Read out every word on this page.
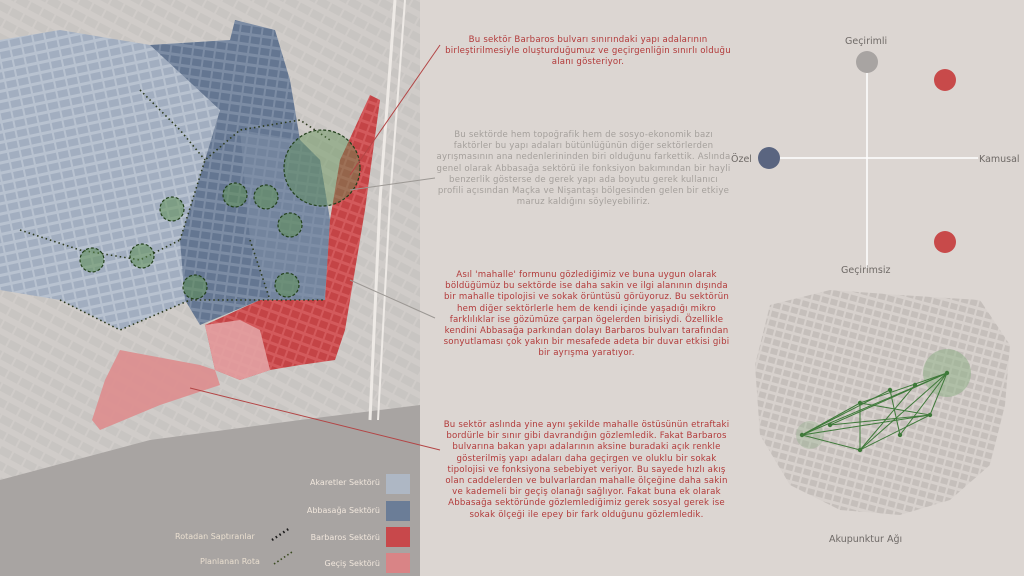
Akaretler Sektörü
Abbasağa Sektörü
Barbaros Sektörü
Geçiş Sektörü
Rotadan Saptıranlar
Planlanan Rota
Bu sektör Barbaros bulvarı sınırındaki yapı adalarının birleştirilmesiyle oluşturduğumuz ve geçirgenliğin sınırlı olduğu alanı gösteriyor.
Bu sektörde hem topoğrafik hem de sosyo-ekonomik bazı faktörler bu yapı adaları bütünlüğünün diğer sektörlerden ayrışmasının ana nedenlerininden biri olduğunu farkettik. Aslında genel olarak Abbasağa sektörü ile fonksiyon bakımından bir hayli benzerlik gösterse de gerek yapı ada boyutu gerek kullanıcı profili açısından Maçka ve Nişantaşı bölgesinden gelen bir etkiye maruz kaldığını söyleyebiliriz.
Asıl 'mahalle' formunu gözlediğimiz ve buna uygun olarak böldüğümüz bu sektörde ise daha sakin ve ilgi alanının dışında bir mahalle tipolojisi ve sokak örüntüsü görüyoruz. Bu sektörün hem diğer sektörlerle hem de kendi içinde yaşadığı mikro farklılıklar ise gözümüze çarpan ögelerden birisiydi. Özellikle kendini Abbasağa parkından dolayı Barbaros bulvarı tarafından sonyutlaması çok yakın bir mesafede adeta bir duvar etkisi gibi bir ayrışma yaratıyor.
Bu sektör aslında yine aynı şekilde mahalle östüsünün etraftaki bordürle bir sınır gibi davrandığın gözlemledik. Fakat Barbaros bulvarına bakan yapı adalarının aksine buradaki açık renkle gösterilmiş yapı adaları daha geçirgen ve oluklu bir sokak tipolojisi ve fonksiyona sebebiyet veriyor. Bu sayede hızlı akış olan caddelerden ve bulvarlardan mahalle ölçeğine daha sakin ve kademeli bir geçiş olanağı sağlıyor. Fakat buna ek olarak Abbasağa sektöründe gözlemlediğimiz gerek sosyal gerek ise sokak ölçeği ile epey bir fark olduğunu gözlemledik.
Geçirimli
Geçirimsiz
Özel	Kamusal
Akupunktur Ağı
